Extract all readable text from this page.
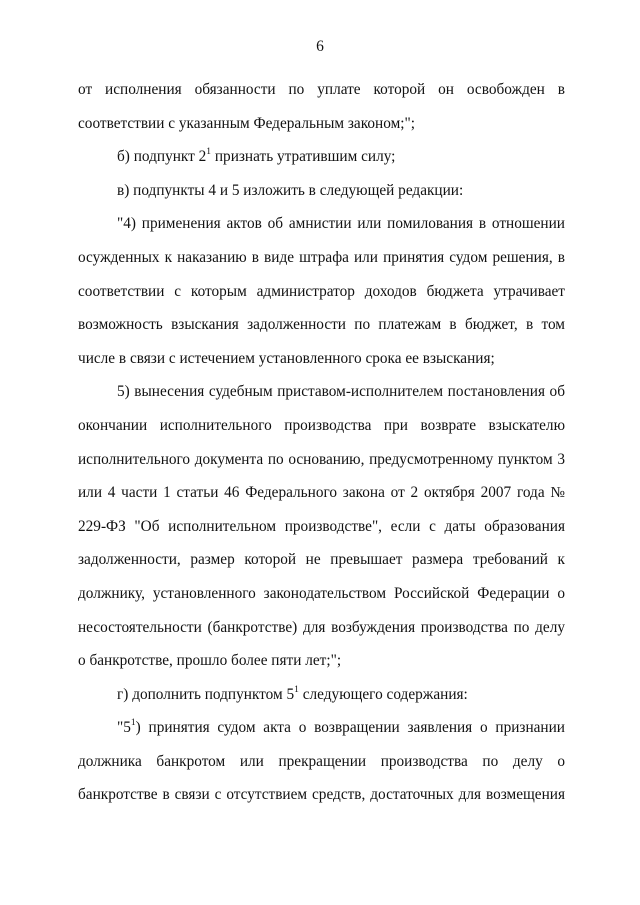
6

от исполнения обязанности по уплате которой он освобожден в

соответствии с указанным Федеральным законом;";

б) подпункт $2^1$ признать утратившим силу;

в) подпункты 4 и 5 изложить в следующей редакции:

"4) применения актов об амнистии или помилования в отношении осужденных к наказанию в виде штрафа или принятия судом решения, в соответствии с которым администратор доходов бюджета утрачивает возможность взыскания задолженности по платежам в бюджет, в том числе в связи с истечением установленного срока ее взыскания;

5) вынесения судебным приставом-исполнителем постановления об окончании исполнительного производства при возврате взыскателю исполнительного документа по основанию, предусмотренному пунктом 3 или 4 части 1 статьи 46 Федерального закона от 2 октября 2007 года № 229-ФЗ "Об исполнительном производстве", если с даты образования задолженности, размер которой не превышает размера требований к должнику, установленного законодательством Российской Федерации о несостоятельности (банкротстве) для возбуждения производства по делу о банкротстве, прошло более пяти лет;";

г) дополнить подпунктом $5^1$ следующего содержания:

"$5^1$) принятия судом акта о возвращении заявления о признании должника банкротом или прекращении производства по делу о банкротстве в связи с отсутствием средств, достаточных для возмещения
